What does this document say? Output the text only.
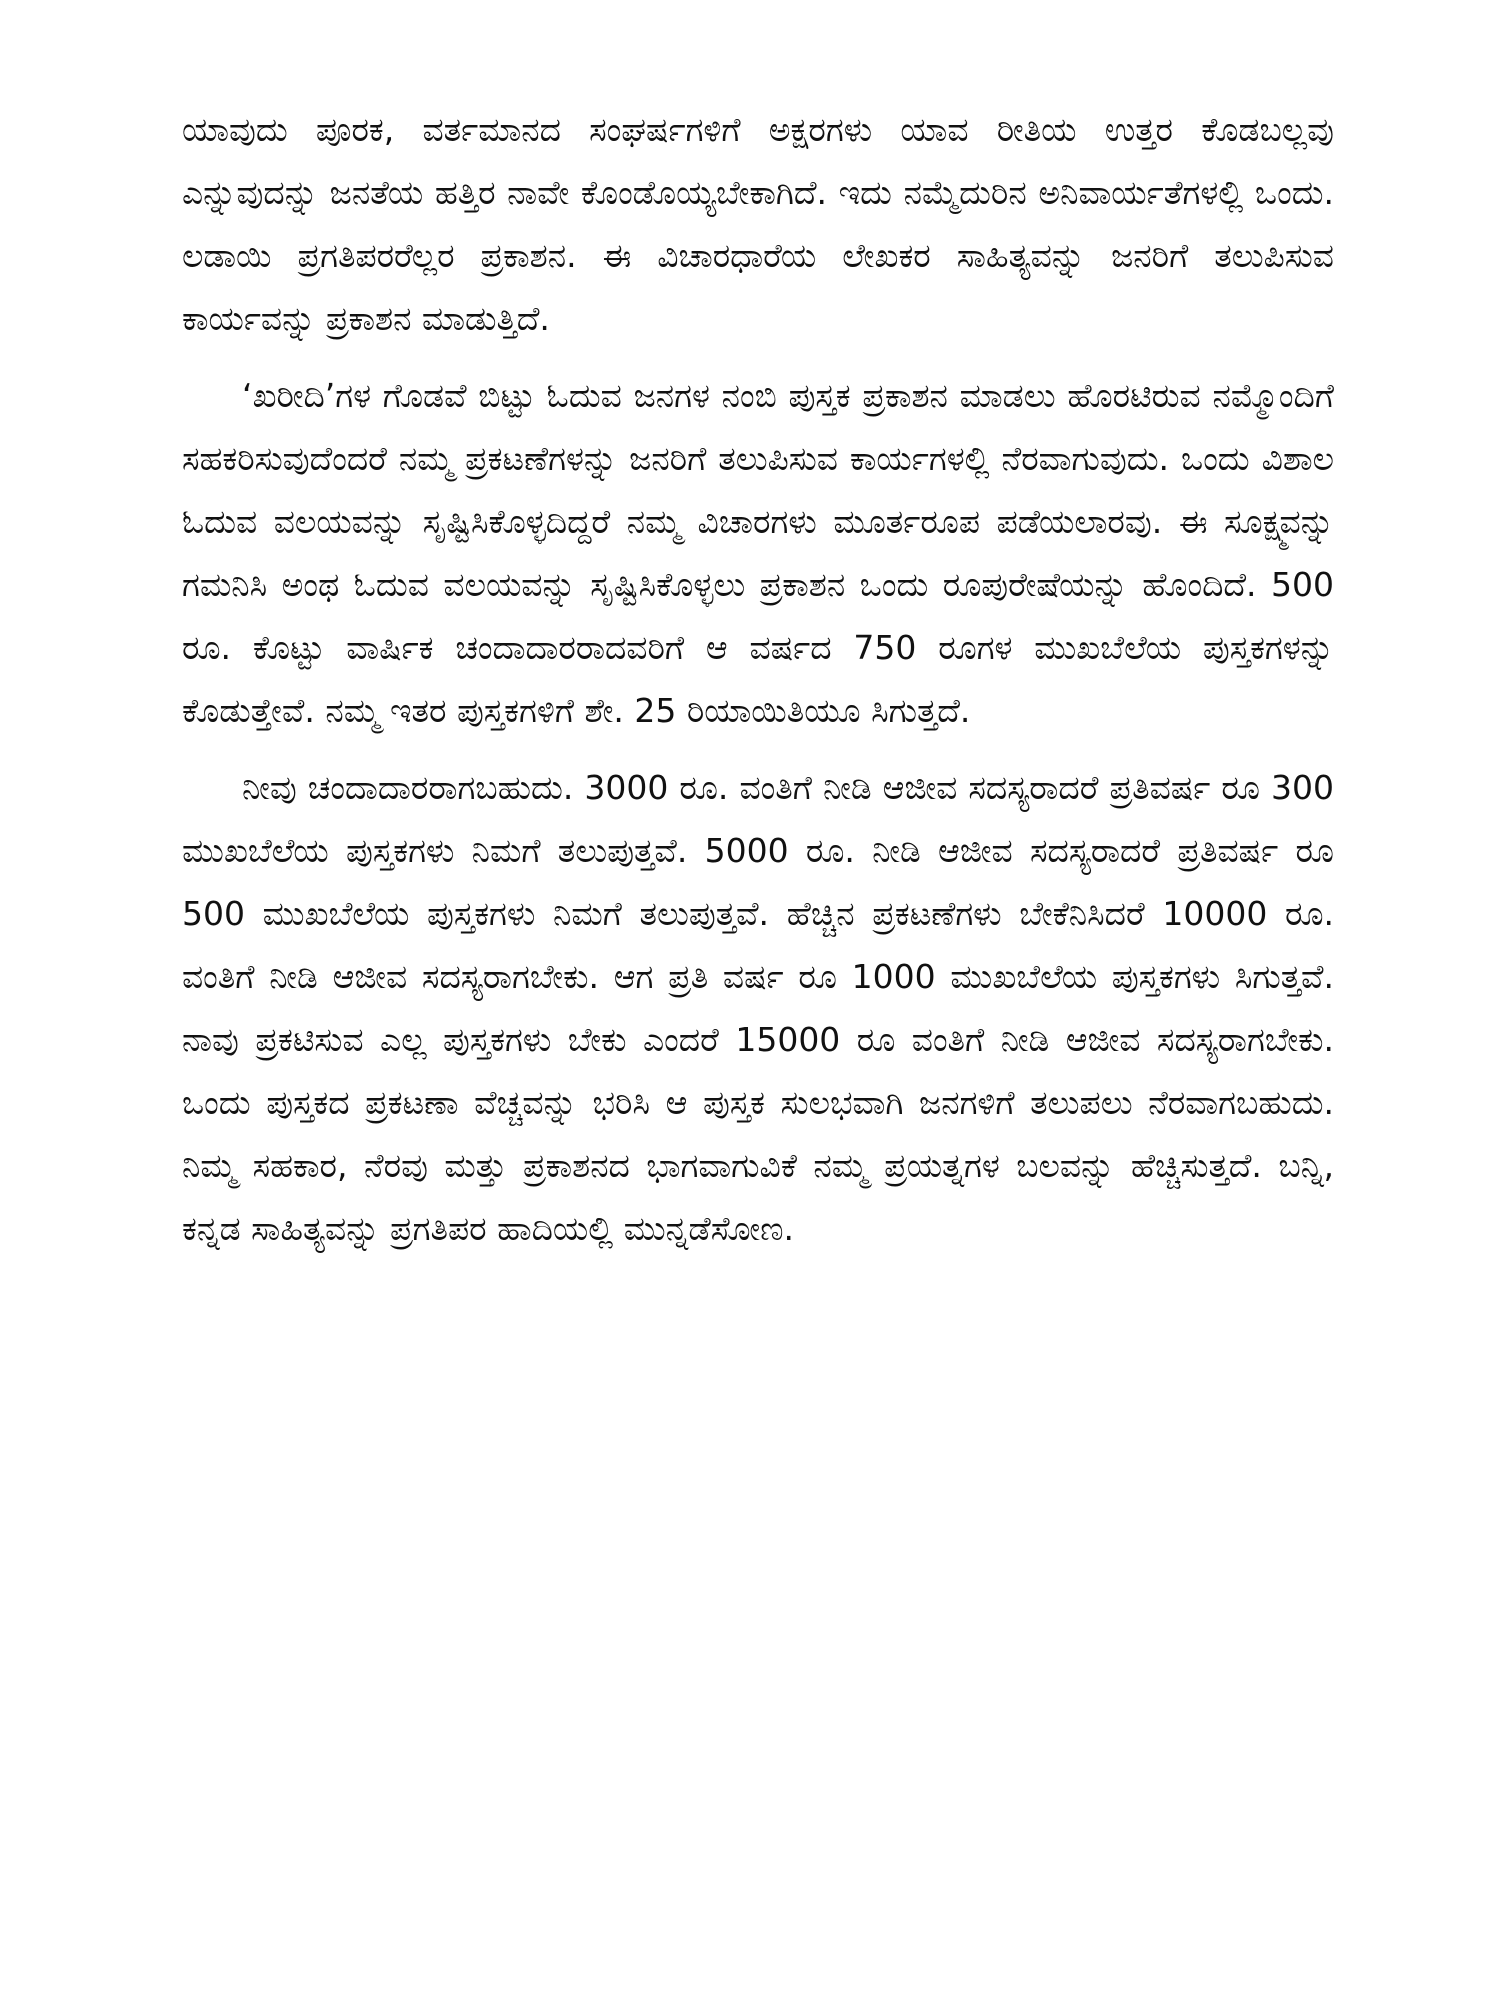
ಯಾವುದು ಪೂರಕ, ವರ್ತಮಾನದ ಸಂಘರ್ಷಗಳಿಗೆ ಅಕ್ಷರಗಳು ಯಾವ ರೀತಿಯ ಉತ್ತರ ಕೊಡಬಲ್ಲವು ಎನ್ನುವುದನ್ನು ಜನತೆಯ ಹತ್ತಿರ ನಾವೇ ಕೊಂಡೊಯ್ಯಬೇಕಾಗಿದೆ. ಇದು ನಮ್ಮೆದುರಿನ ಅನಿವಾರ್ಯತೆಗಳಲ್ಲಿ ಒಂದು. ಲಡಾಯಿ ಪ್ರಗತಿಪರರೆಲ್ಲರ ಪ್ರಕಾಶನ. ಈ ವಿಚಾರಧಾರೆಯ ಲೇಖಕರ ಸಾಹಿತ್ಯವನ್ನು ಜನರಿಗೆ ತಲುಪಿಸುವ ಕಾರ್ಯವನ್ನು ಪ್ರಕಾಶನ ಮಾಡುತ್ತಿದೆ.

‘ಖರೀದಿ’ಗಳ ಗೊಡವೆ ಬಿಟ್ಟು ಓದುವ ಜನಗಳ ನಂಬಿ ಪುಸ್ತಕ ಪ್ರಕಾಶನ ಮಾಡಲು ಹೊರಟಿರುವ ನಮ್ಮೊಂದಿಗೆ ಸಹಕರಿಸುವುದೆಂದರೆ ನಮ್ಮ ಪ್ರಕಟಣೆಗಳನ್ನು ಜನರಿಗೆ ತಲುಪಿಸುವ ಕಾರ್ಯಗಳಲ್ಲಿ ನೆರವಾಗುವುದು. ಒಂದು ವಿಶಾಲ ಓದುವ ವಲಯವನ್ನು ಸೃಷ್ಟಿಸಿಕೊಳ್ಳದಿದ್ದರೆ ನಮ್ಮ ವಿಚಾರಗಳು ಮೂರ್ತರೂಪ ಪಡೆಯಲಾರವು. ಈ ಸೂಕ್ಷ್ಮವನ್ನು ಗಮನಿಸಿ ಅಂಥ ಓದುವ ವಲಯವನ್ನು ಸೃಷ್ಟಿಸಿಕೊಳ್ಳಲು ಪ್ರಕಾಶನ ಒಂದು ರೂಪುರೇಷೆಯನ್ನು ಹೊಂದಿದೆ. 500 ರೂ. ಕೊಟ್ಟು ವಾರ್ಷಿಕ ಚಂದಾದಾರರಾದವರಿಗೆ ಆ ವರ್ಷದ 750 ರೂಗಳ ಮುಖಬೆಲೆಯ ಪುಸ್ತಕಗಳನ್ನು ಕೊಡುತ್ತೇವೆ. ನಮ್ಮ ಇತರ ಪುಸ್ತಕಗಳಿಗೆ ಶೇ. 25 ರಿಯಾಯಿತಿಯೂ ಸಿಗುತ್ತದೆ.

ನೀವು ಚಂದಾದಾರರಾಗಬಹುದು. 3000 ರೂ. ವಂತಿಗೆ ನೀಡಿ ಆಜೀವ ಸದಸ್ಯರಾದರೆ ಪ್ರತಿವರ್ಷ ರೂ 300 ಮುಖಬೆಲೆಯ ಪುಸ್ತಕಗಳು ನಿಮಗೆ ತಲುಪುತ್ತವೆ. 5000 ರೂ. ನೀಡಿ ಆಜೀವ ಸದಸ್ಯರಾದರೆ ಪ್ರತಿವರ್ಷ ರೂ 500 ಮುಖಬೆಲೆಯ ಪುಸ್ತಕಗಳು ನಿಮಗೆ ತಲುಪುತ್ತವೆ. ಹೆಚ್ಚಿನ ಪ್ರಕಟಣೆಗಳು ಬೇಕೆನಿಸಿದರೆ 10000 ರೂ. ವಂತಿಗೆ ನೀಡಿ ಆಜೀವ ಸದಸ್ಯರಾಗಬೇಕು. ಆಗ ಪ್ರತಿ ವರ್ಷ ರೂ 1000 ಮುಖಬೆಲೆಯ ಪುಸ್ತಕಗಳು ಸಿಗುತ್ತವೆ. ನಾವು ಪ್ರಕಟಿಸುವ ಎಲ್ಲ ಪುಸ್ತಕಗಳು ಬೇಕು ಎಂದರೆ 15000 ರೂ ವಂತಿಗೆ ನೀಡಿ ಆಜೀವ ಸದಸ್ಯರಾಗಬೇಕು. ಒಂದು ಪುಸ್ತಕದ ಪ್ರಕಟಣಾ ವೆಚ್ಚವನ್ನು ಭರಿಸಿ ಆ ಪುಸ್ತಕ ಸುಲಭವಾಗಿ ಜನಗಳಿಗೆ ತಲುಪಲು ನೆರವಾಗಬಹುದು. ನಿಮ್ಮ ಸಹಕಾರ, ನೆರವು ಮತ್ತು ಪ್ರಕಾಶನದ ಭಾಗವಾಗುವಿಕೆ ನಮ್ಮ ಪ್ರಯತ್ನಗಳ ಬಲವನ್ನು ಹೆಚ್ಚಿಸುತ್ತದೆ. ಬನ್ನಿ, ಕನ್ನಡ ಸಾಹಿತ್ಯವನ್ನು ಪ್ರಗತಿಪರ ಹಾದಿಯಲ್ಲಿ ಮುನ್ನಡೆಸೋಣ.
